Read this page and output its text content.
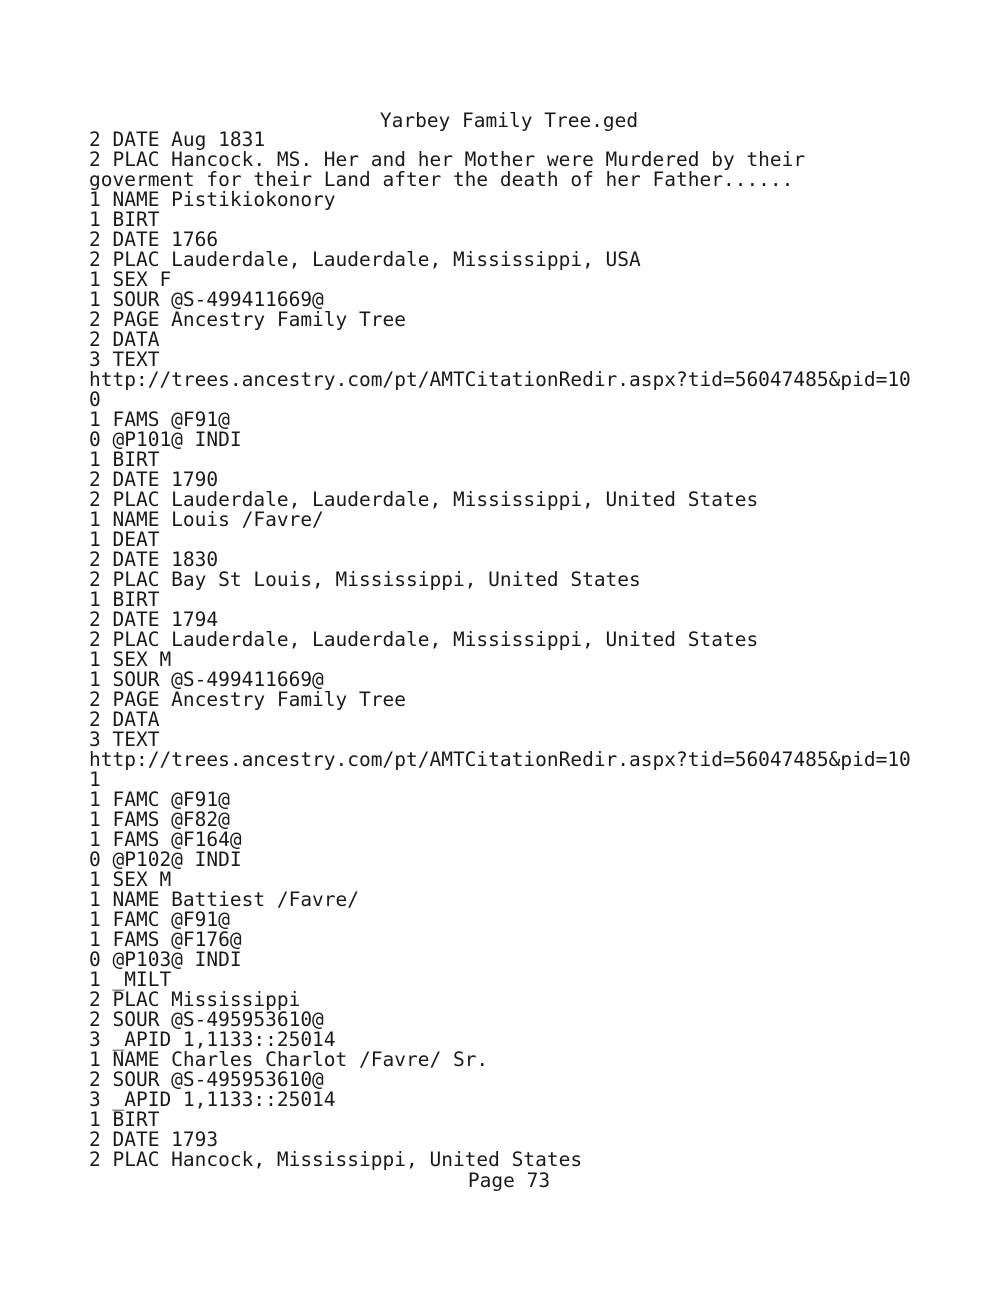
Yarbey Family Tree.ged
2 DATE Aug 1831
2 PLAC Hancock. MS. Her and her Mother were Murdered by their
goverment for their Land after the death of her Father......
1 NAME Pistikiokonory
1 BIRT
2 DATE 1766
2 PLAC Lauderdale, Lauderdale, Mississippi, USA
1 SEX F
1 SOUR @S-499411669@
2 PAGE Ancestry Family Tree
2 DATA
3 TEXT
http://trees.ancestry.com/pt/AMTCitationRedir.aspx?tid=56047485&pid=10
0
1 FAMS @F91@
0 @P101@ INDI
1 BIRT
2 DATE 1790
2 PLAC Lauderdale, Lauderdale, Mississippi, United States
1 NAME Louis /Favre/
1 DEAT
2 DATE 1830
2 PLAC Bay St Louis, Mississippi, United States
1 BIRT
2 DATE 1794
2 PLAC Lauderdale, Lauderdale, Mississippi, United States
1 SEX M
1 SOUR @S-499411669@
2 PAGE Ancestry Family Tree
2 DATA
3 TEXT
http://trees.ancestry.com/pt/AMTCitationRedir.aspx?tid=56047485&pid=10
1
1 FAMC @F91@
1 FAMS @F82@
1 FAMS @F164@
0 @P102@ INDI
1 SEX M
1 NAME Battiest /Favre/
1 FAMC @F91@
1 FAMS @F176@
0 @P103@ INDI
1 _MILT
2 PLAC Mississippi
2 SOUR @S-495953610@
3 _APID 1,1133::25014
1 NAME Charles Charlot /Favre/ Sr.
2 SOUR @S-495953610@
3 _APID 1,1133::25014
1 BIRT
2 DATE 1793
2 PLAC Hancock, Mississippi, United States
Page 73
